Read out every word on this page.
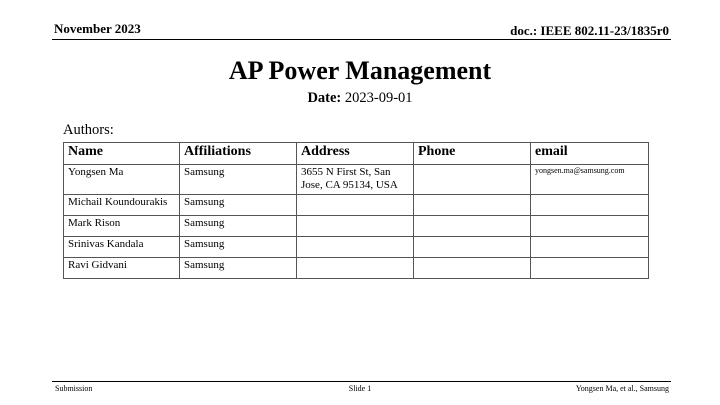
November 2023	doc.: IEEE 802.11-23/1835r0
AP Power Management
Date: 2023-09-01
Authors:
Name	Affiliations	Address	Phone	email
Yongsen Ma	Samsung	3655 N First St, San Jose, CA 95134, USA		yongsen.ma@samsung.com
Michail Koundourakis	Samsung			
Mark Rison	Samsung			
Srinivas Kandala	Samsung			
Ravi Gidvani	Samsung			
Submission	Slide 1	Yongsen Ma, et al., Samsung
